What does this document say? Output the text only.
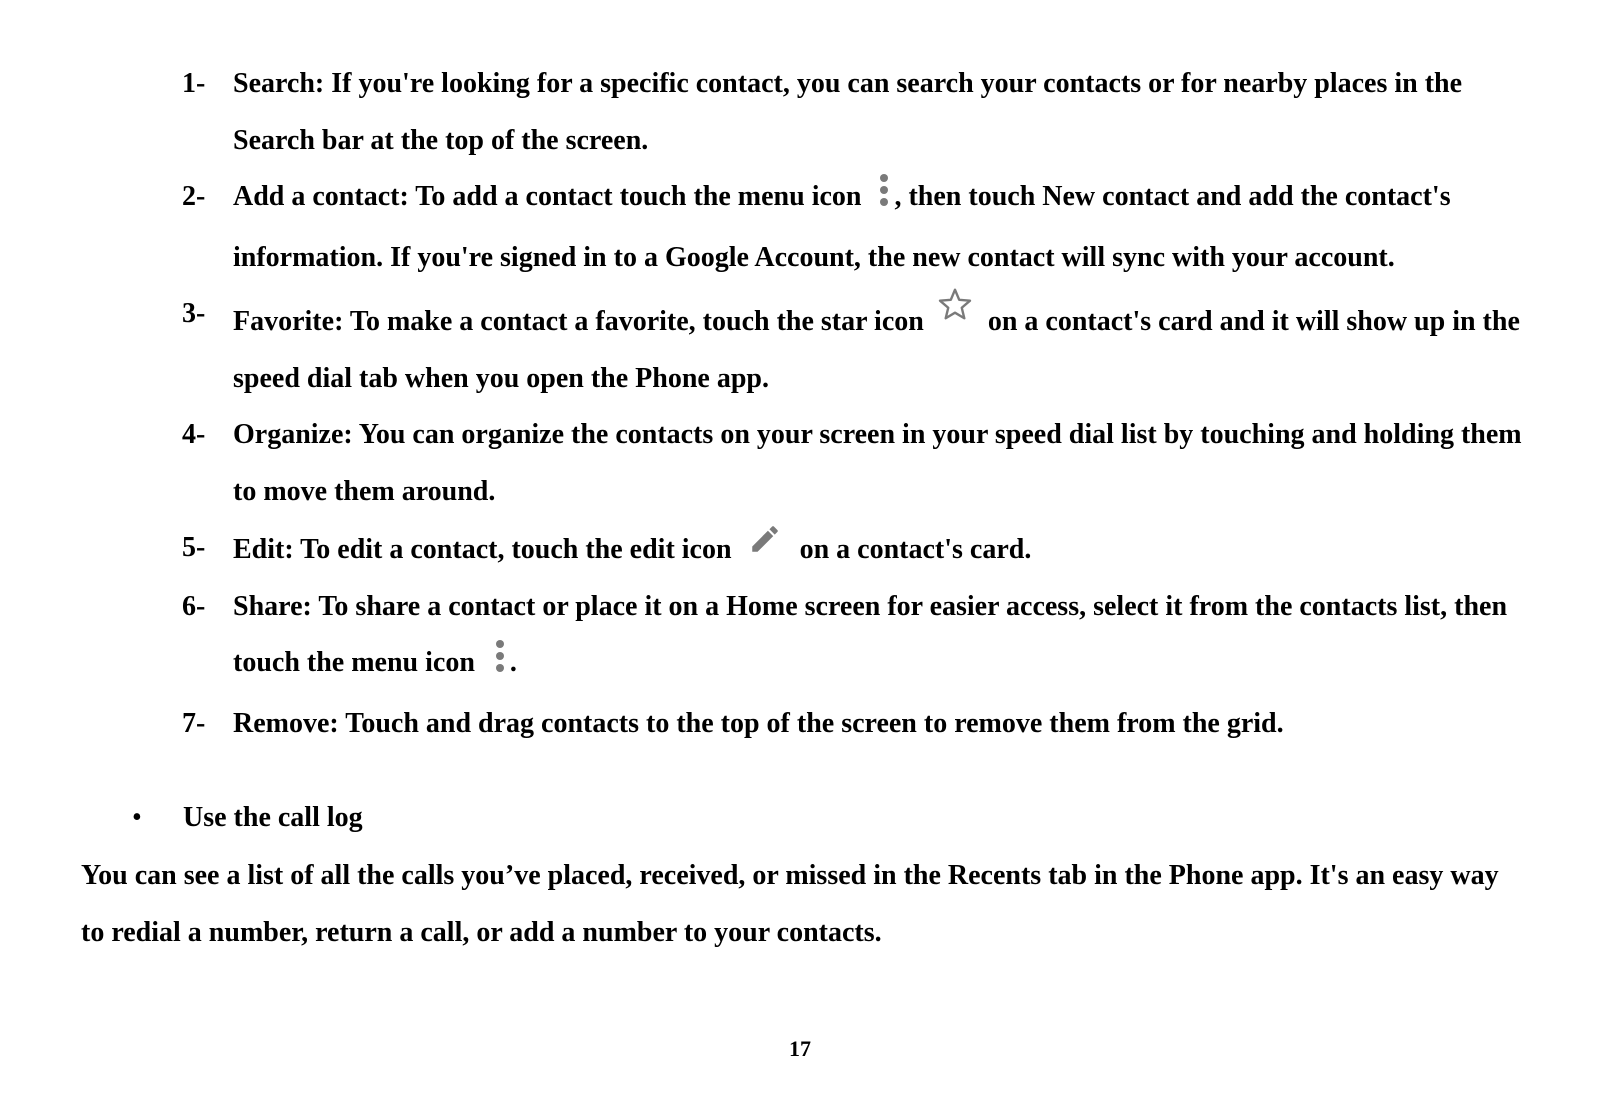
1- Search: If you're looking for a specific contact, you can search your contacts or for nearby places in the Search bar at the top of the screen.
2- Add a contact: To add a contact touch the menu icon , then touch New contact and add the contact's information. If you're signed in to a Google Account, the new contact will sync with your account.
3- Favorite: To make a contact a favorite, touch the star icon on a contact's card and it will show up in the speed dial tab when you open the Phone app.
4- Organize: You can organize the contacts on your screen in your speed dial list by touching and holding them to move them around.
5- Edit: To edit a contact, touch the edit icon on a contact's card.
6- Share: To share a contact or place it on a Home screen for easier access, select it from the contacts list, then touch the menu icon .
7- Remove: Touch and drag contacts to the top of the screen to remove them from the grid.
• Use the call log

You can see a list of all the calls you’ve placed, received, or missed in the Recents tab in the Phone app. It's an easy way to redial a number, return a call, or add a number to your contacts.

17
